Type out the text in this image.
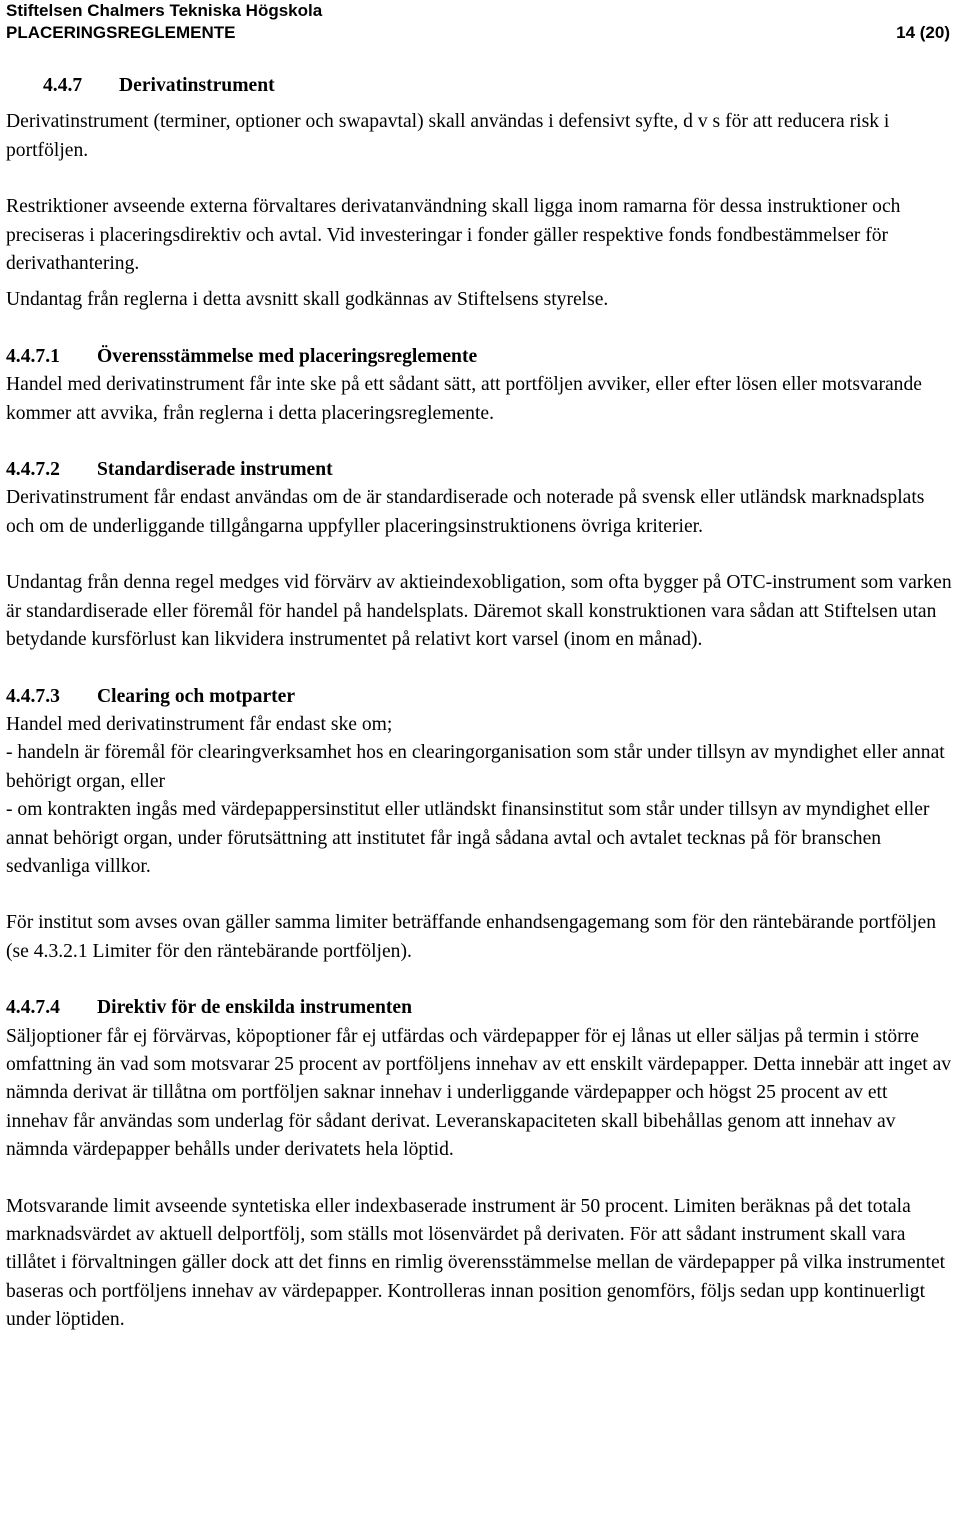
Stiftelsen Chalmers Tekniska Högskola
PLACERINGSREGLEMENTE	14 (20)
4.4.7	Derivatinstrument

Derivatinstrument (terminer, optioner och swapavtal) skall användas i defensivt syfte, d v s för att reducera risk i portföljen.

Restriktioner avseende externa förvaltares derivatanvändning skall ligga inom ramarna för dessa instruktioner och preciseras i placeringsdirektiv och avtal. Vid investeringar i fonder gäller respektive fonds fondbestämmelser för derivathantering.

Undantag från reglerna i detta avsnitt skall godkännas av Stiftelsens styrelse.

4.4.7.1	Överensstämmelse med placeringsreglemente

Handel med derivatinstrument får inte ske på ett sådant sätt, att portföljen avviker, eller efter lösen eller motsvarande kommer att avvika, från reglerna i detta placeringsreglemente.

4.4.7.2	Standardiserade instrument

Derivatinstrument får endast användas om de är standardiserade och noterade på svensk eller utländsk marknadsplats och om de underliggande tillgångarna uppfyller placeringsinstruktionens övriga kriterier.

Undantag från denna regel medges vid förvärv av aktieindexobligation, som ofta bygger på OTC-instrument som varken är standardiserade eller föremål för handel på handelsplats. Däremot skall konstruktionen vara sådan att Stiftelsen utan betydande kursförlust kan likvidera instrumentet på relativt kort varsel (inom en månad).

4.4.7.3	Clearing och motparter

Handel med derivatinstrument får endast ske om;

- handeln är föremål för clearingverksamhet hos en clearingorganisation som står under tillsyn av myndighet eller annat behörigt organ, eller

- om kontrakten ingås med värdepappersinstitut eller utländskt finansinstitut som står under tillsyn av myndighet eller annat behörigt organ, under förutsättning att institutet får ingå sådana avtal och avtalet tecknas på för branschen sedvanliga villkor.

För institut som avses ovan gäller samma limiter beträffande enhandsengagemang som för den räntebärande portföljen (se 4.3.2.1 Limiter för den räntebärande portföljen).

4.4.7.4	Direktiv för de enskilda instrumenten

Säljoptioner får ej förvärvas, köpoptioner får ej utfärdas och värdepapper för ej lånas ut eller säljas på termin i större omfattning än vad som motsvarar 25 procent av portföljens innehav av ett enskilt värdepapper. Detta innebär att inget av nämnda derivat är tillåtna om portföljen saknar innehav i underliggande värdepapper och högst 25 procent av ett innehav får användas som underlag för sådant derivat. Leveranskapaciteten skall bibehållas genom att innehav av nämnda värdepapper behålls under derivatets hela löptid.

Motsvarande limit avseende syntetiska eller indexbaserade instrument är 50 procent. Limiten beräknas på det totala marknadsvärdet av aktuell delportfölj, som ställs mot lösenvärdet på derivaten. För att sådant instrument skall vara tillåtet i förvaltningen gäller dock att det finns en rimlig överensstämmelse mellan de värdepapper på vilka instrumentet baseras och portföljens innehav av värdepapper. Kontrolleras innan position genomförs, följs sedan upp kontinuerligt under löptiden.
